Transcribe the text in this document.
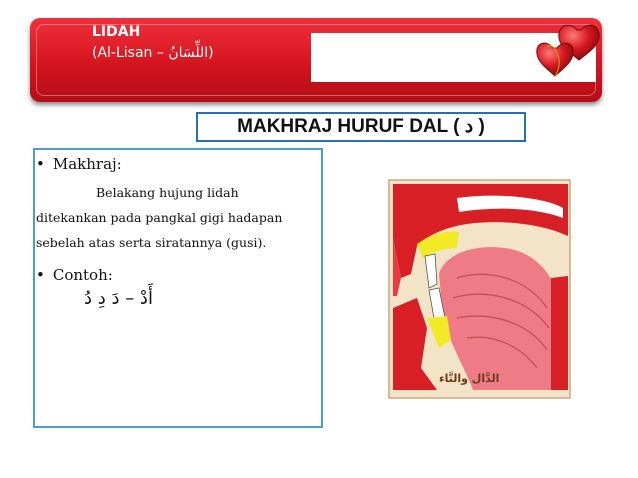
LIDAH
(Al-Lisan – اللِّسَانُ)
MAKHRAJ HURUF DAL ( د )
• Makhraj:
Belakang hujung lidah
ditekankan pada pangkal gigi hadapan
sebelah atas serta siratannya (gusi).
• Contoh:
أَدْ – دَ دِ دُ
الدَّال والتَّاء
